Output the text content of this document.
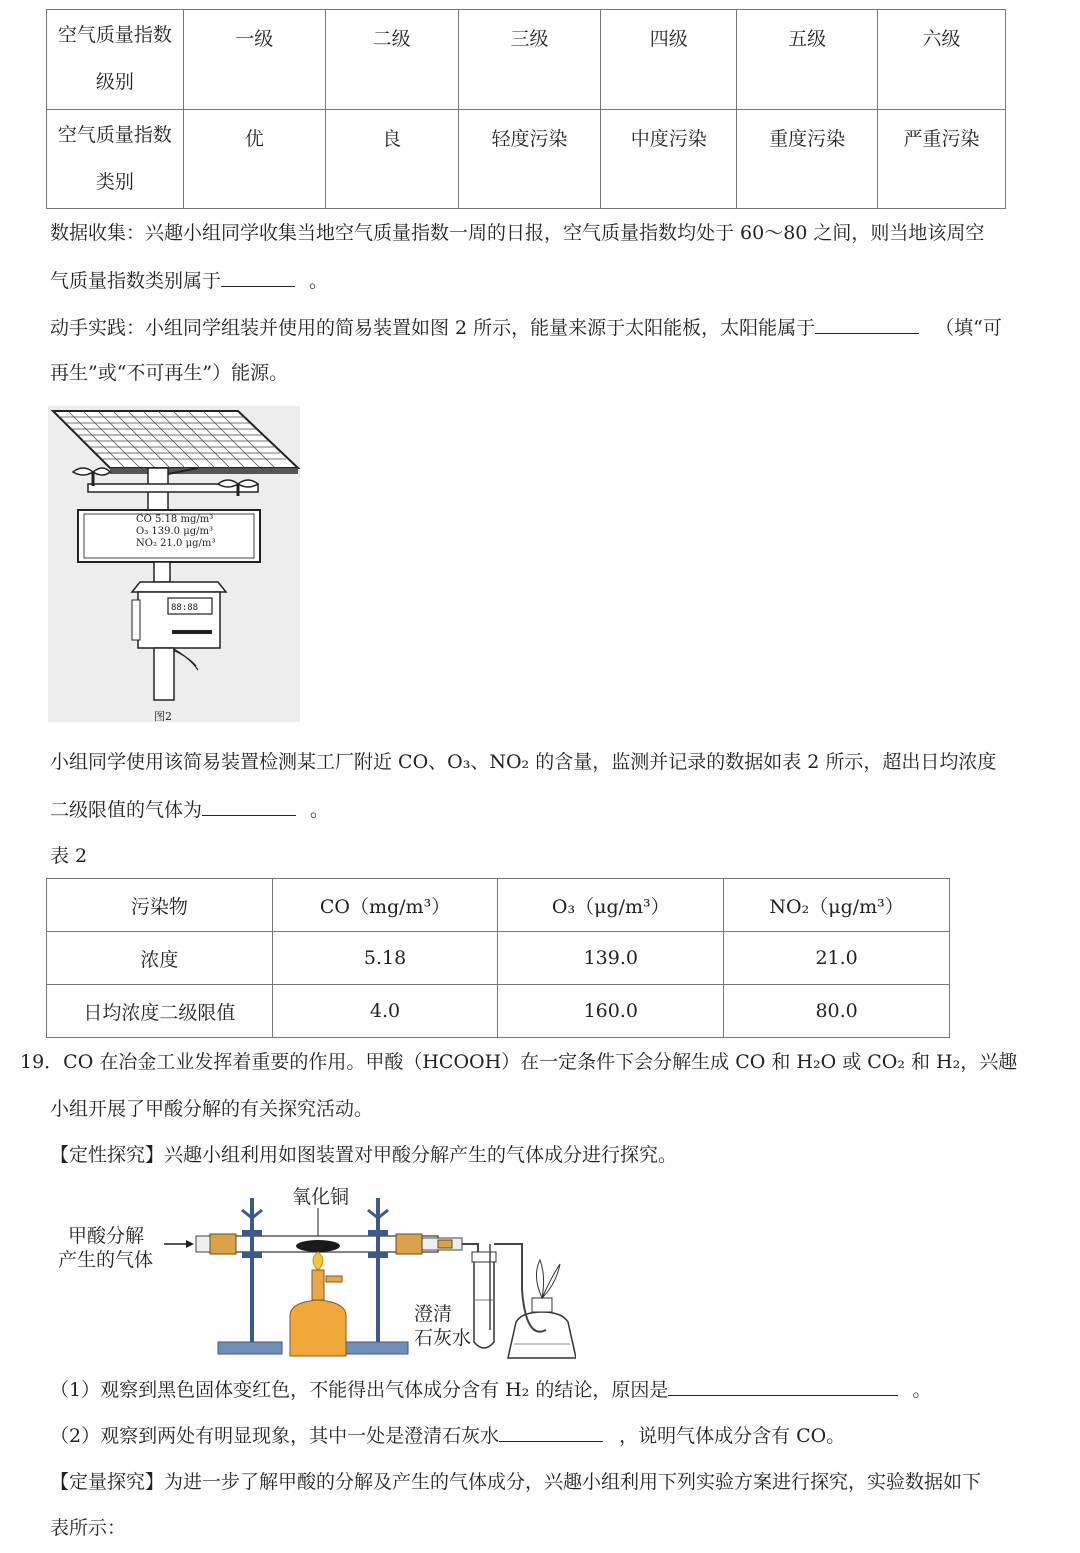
空气质量指数
级别	一级	二级	三级	四级	五级	六级
空气质量指数
类别	优	良	轻度污染	中度污染	重度污染	严重污染
数据收集：兴趣小组同学收集当地空气质量指数一周的日报，空气质量指数均处于 60～80 之间，则当地该周空
气质量指数类别属于	。
动手实践：小组同学组装并使用的简易装置如图 2 所示，能量来源于太阳能板，太阳能属于	（填“可
再生”或“不可再生”）能源。
88:88
CO 5.18 mg/m³
O₃ 139.0 μg/m³
NO₂ 21.0 μg/m³
图2
小组同学使用该简易装置检测某工厂附近 CO、O₃、NO₂ 的含量，监测并记录的数据如表 2 所示，超出日均浓度
二级限值的气体为	。
表 2
污染物	CO（mg/m³）	O₃（μg/m³）	NO₂（μg/m³）
浓度	5.18	139.0	21.0
日均浓度二级限值	4.0	160.0	80.0
19．CO 在冶金工业发挥着重要的作用。甲酸（HCOOH）在一定条件下会分解生成 CO 和 H₂O 或 CO₂ 和 H₂，兴趣
小组开展了甲酸分解的有关探究活动。
【定性探究】兴趣小组利用如图装置对甲酸分解产生的气体成分进行探究。
氧化铜
甲酸分解
产生的气体
澄清
石灰水
（1）观察到黑色固体变红色，不能得出气体成分含有 H₂ 的结论，原因是	。
（2）观察到两处有明显现象，其中一处是澄清石灰水	，说明气体成分含有 CO。
【定量探究】为进一步了解甲酸的分解及产生的气体成分，兴趣小组利用下列实验方案进行探究，实验数据如下
表所示：
